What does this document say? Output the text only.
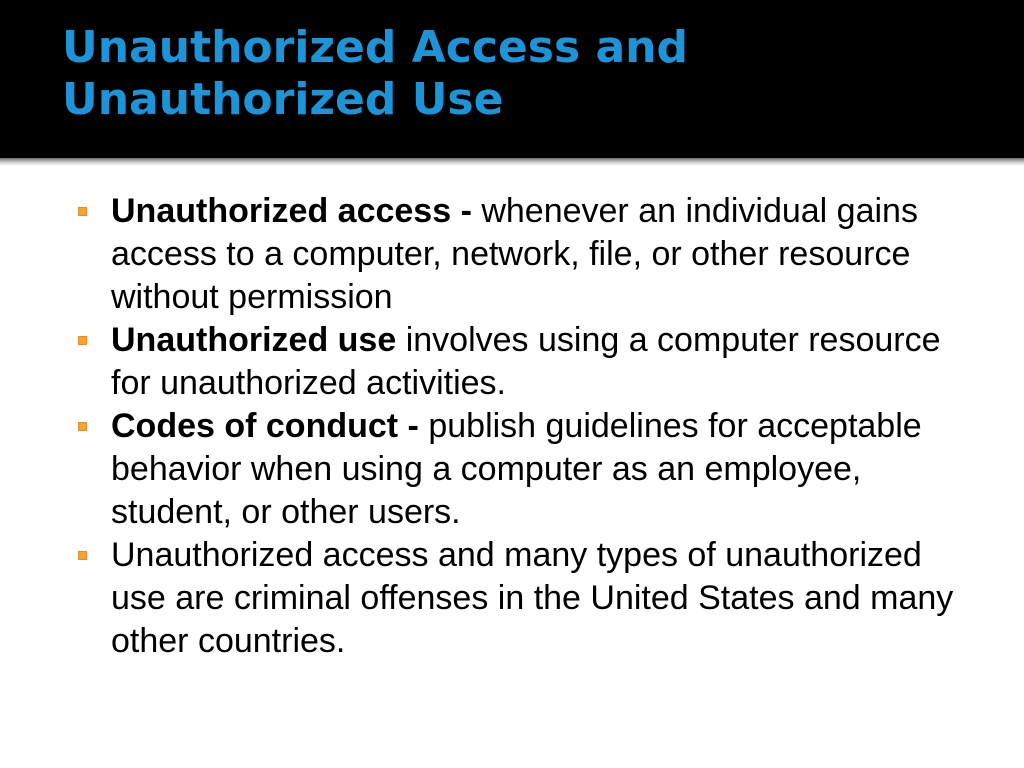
Unauthorized Access and
Unauthorized Use
Unauthorized access - whenever an individual gains access to a computer, network, file, or other resource without permission
Unauthorized use involves using a computer resource for unauthorized activities.
Codes of conduct - publish guidelines for acceptable behavior when using a computer as an employee, student, or other users.
Unauthorized access and many types of unauthorized use are criminal offenses in the United States and many other countries.
